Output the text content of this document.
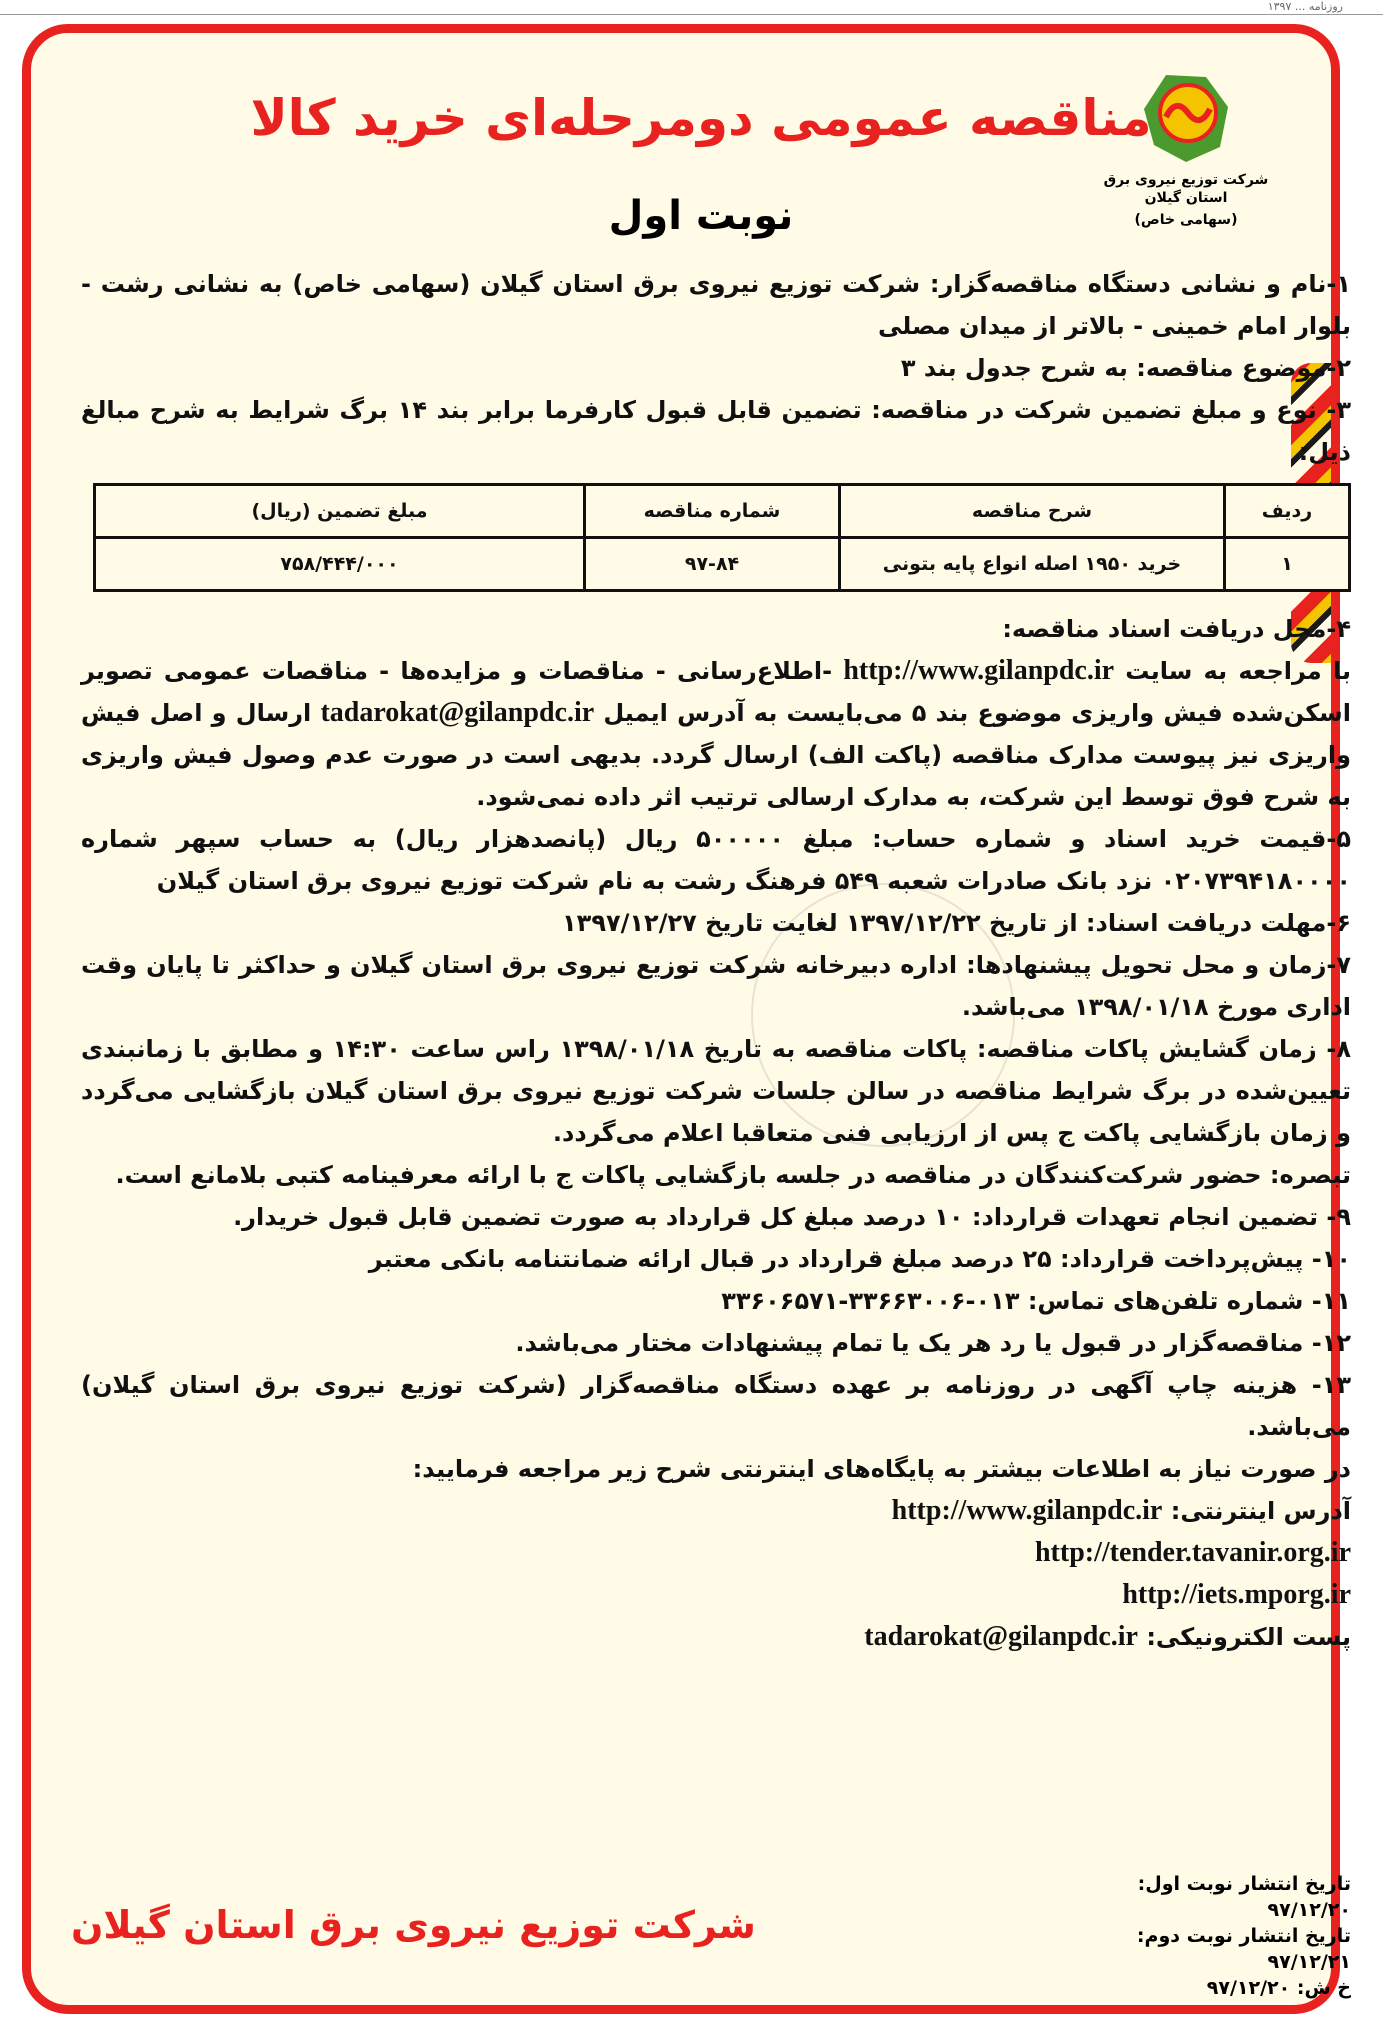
روزنامه ... ۱۳۹۷
شرکت توزیع نیروی برق استان گیلان
(سهامی خاص)
مناقصه عمومی دومرحله‌ای خرید کالا
نوبت اول

۱-نام و نشانی دستگاه مناقصه‌گزار: شرکت توزیع نیروی برق استان گیلان (سهامی خاص) به نشانی رشت - بلوار امام خمینی - بالاتر از میدان مصلی

۲-موضوع مناقصه: به شرح جدول بند ۳

۳- نوع و مبلغ تضمین شرکت در مناقصه: تضمین قابل قبول کارفرما برابر بند ۱۴ برگ شرایط به شرح مبالغ ذیل:

ردیف	شرح مناقصه	شماره مناقصه	مبلغ تضمین (ریال)
۱	خرید ۱۹۵۰ اصله انواع پایه بتونی	۹۷-۸۴	۷۵۸/۴۴۴/۰۰۰

۴-محل دریافت اسناد مناقصه:

با مراجعه به سایت http://www.gilanpdc.ir -اطلاع‌رسانی - مناقصات و مزایده‌ها - مناقصات عمومی تصویر اسکن‌شده فیش واریزی موضوع بند ۵ می‌بایست به آدرس ایمیل tadarokat@gilanpdc.ir ارسال و اصل فیش واریزی نیز پیوست مدارک مناقصه (پاکت الف) ارسال گردد. بدیهی است در صورت عدم وصول فیش واریزی به شرح فوق توسط این شرکت، به مدارک ارسالی ترتیب اثر داده نمی‌شود.

۵-قیمت خرید اسناد و شماره حساب: مبلغ ۵۰۰۰۰۰ ریال (پانصدهزار ریال) به حساب سپهر شماره ۰۲۰۷۳۹۴۱۸۰۰۰۰ نزد بانک صادرات شعبه ۵۴۹ فرهنگ رشت به نام شرکت توزیع نیروی برق استان گیلان

۶-مهلت دریافت اسناد: از تاریخ ۱۳۹۷/۱۲/۲۲ لغایت تاریخ ۱۳۹۷/۱۲/۲۷

۷-زمان و محل تحویل پیشنهادها: اداره دبیرخانه شرکت توزیع نیروی برق استان گیلان و حداکثر تا پایان وقت اداری مورخ ۱۳۹۸/۰۱/۱۸ می‌باشد.

۸- زمان گشایش پاکات مناقصه: پاکات مناقصه به تاریخ ۱۳۹۸/۰۱/۱۸ راس ساعت ۱۴:۳۰ و مطابق با زمانبندی تعیین‌شده در برگ شرایط مناقصه در سالن جلسات شرکت توزیع نیروی برق استان گیلان بازگشایی می‌گردد و زمان بازگشایی پاکت ج پس از ارزیابی فنی متعاقبا اعلام می‌گردد.

تبصره: حضور شرکت‌کنندگان در مناقصه در جلسه بازگشایی پاکات ج با ارائه معرفینامه کتبی بلامانع است.

۹- تضمین انجام تعهدات قرارداد: ۱۰ درصد مبلغ کل قرارداد به صورت تضمین قابل قبول خریدار.

۱۰- پیش‌پرداخت قرارداد: ۲۵ درصد مبلغ قرارداد در قبال ارائه ضمانتنامه بانکی معتبر

۱۱- شماره تلفن‌های تماس: ۰۱۳-۳۳۶۶۳۰۰۶-۳۳۶۰۶۵۷۱

۱۲- مناقصه‌گزار در قبول یا رد هر یک یا تمام پیشنهادات مختار می‌باشد.

۱۳- هزینه چاپ آگهی در روزنامه بر عهده دستگاه مناقصه‌گزار (شرکت توزیع نیروی برق استان گیلان) می‌باشد.

در صورت نیاز به اطلاعات بیشتر به پایگاه‌های اینترنتی شرح زیر مراجعه فرمایید:

آدرس اینترنتی: http://www.gilanpdc.ir

http://tender.tavanir.org.ir

http://iets.mporg.ir

پست الکترونیکی: tadarokat@gilanpdc.ir

تاریخ انتشار نوبت اول: ۹۷/۱۲/۲۰
تاریخ انتشار نوبت دوم: ۹۷/۱۲/۲۱
خ ش: ۹۷/۱۲/۲۰
شرکت توزیع نیروی برق استان گیلان
